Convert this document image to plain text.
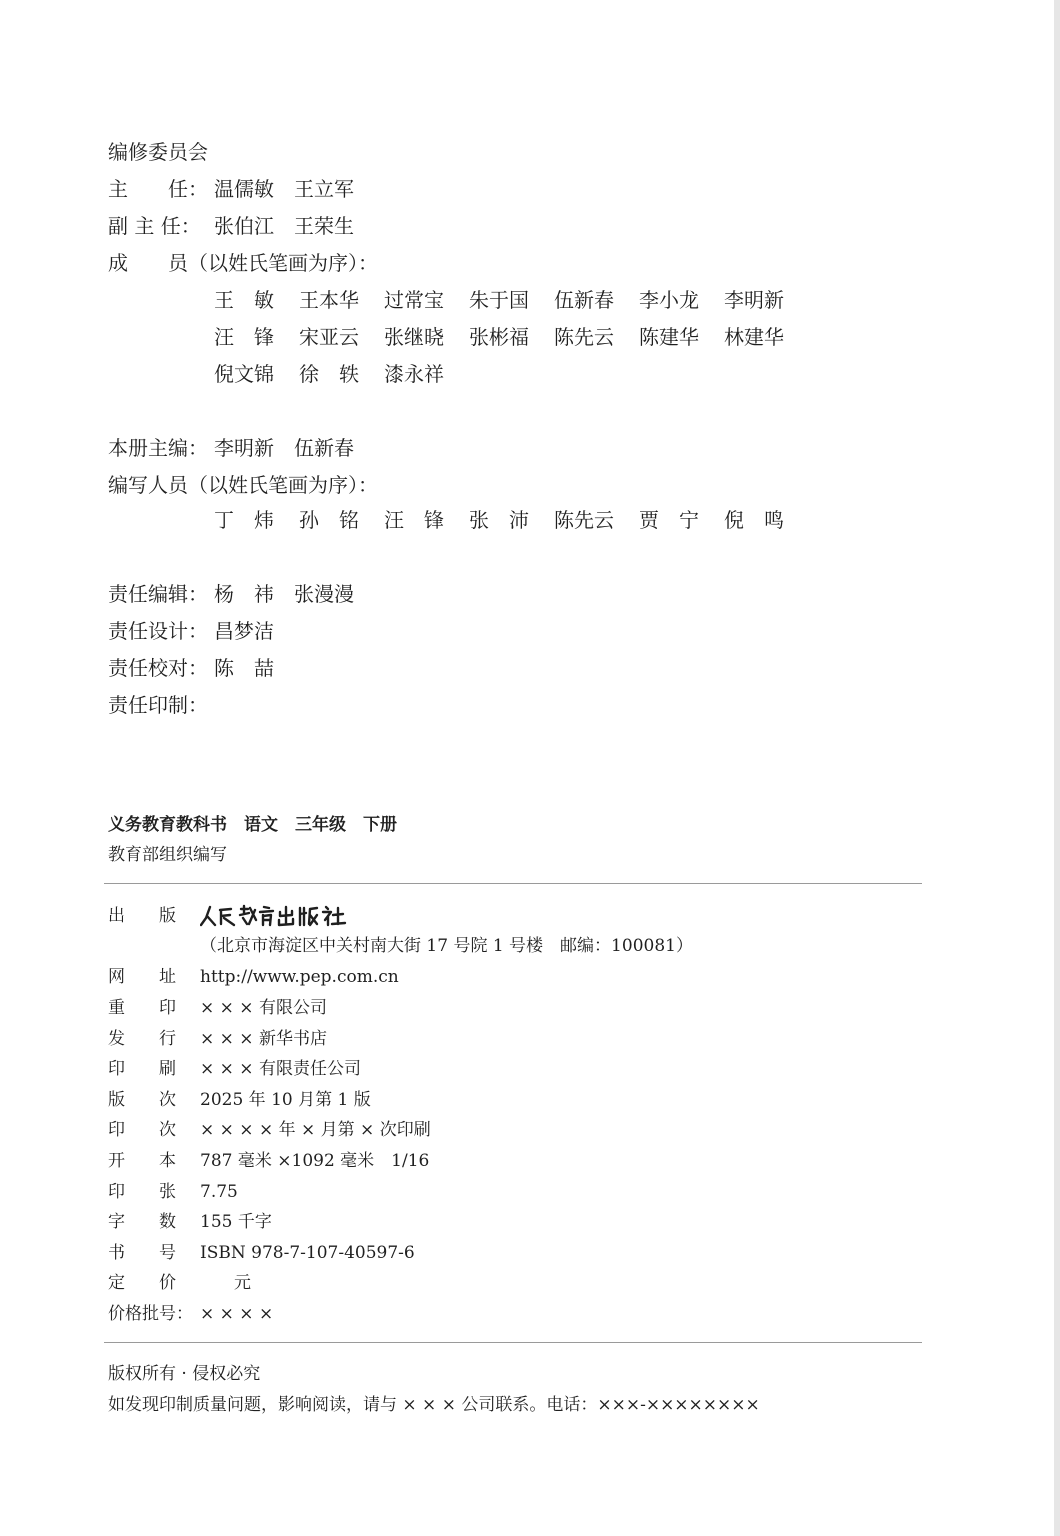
编修委员会
主　　任： 温儒敏　王立军
副 主 任： 张伯江　王荣生
成　　员（以姓氏笔画为序）：
王　敏 王本华 过常宝 朱于国 伍新春 李小龙 李明新
汪　锋 宋亚云 张继晓 张彬福 陈先云 陈建华 林建华
倪文锦 徐　轶 漆永祥
本册主编： 李明新　伍新春
编写人员（以姓氏笔画为序）：
丁　炜 孙　铭 汪　锋 张　沛 陈先云 贾　宁 倪　鸣
责任编辑： 杨　祎　张漫漫
责任设计： 昌梦洁
责任校对： 陈　喆
责任印制：
义务教育教科书　语文　三年级　下册
教育部组织编写
出　　版
（北京市海淀区中关村南大街 17 号院 1 号楼　邮编：100081）
网　　址	http://www.pep.com.cn
重　　印	× × × 有限公司
发　　行	× × × 新华书店
印　　刷	× × × 有限责任公司
版　　次	2025 年 10 月第 1 版
印　　次	× × × × 年 × 月第 × 次印刷
开　　本	787 毫米 ×1092 毫米　1/16
印　　张	7.75
字　　数	155 千字
书　　号	ISBN 978-7-107-40597-6
定　　价	　　元
价格批号： × × × ×
版权所有 · 侵权必究
如发现印制质量问题，影响阅读，请与 × × × 公司联系。电话：×××-××××××××
